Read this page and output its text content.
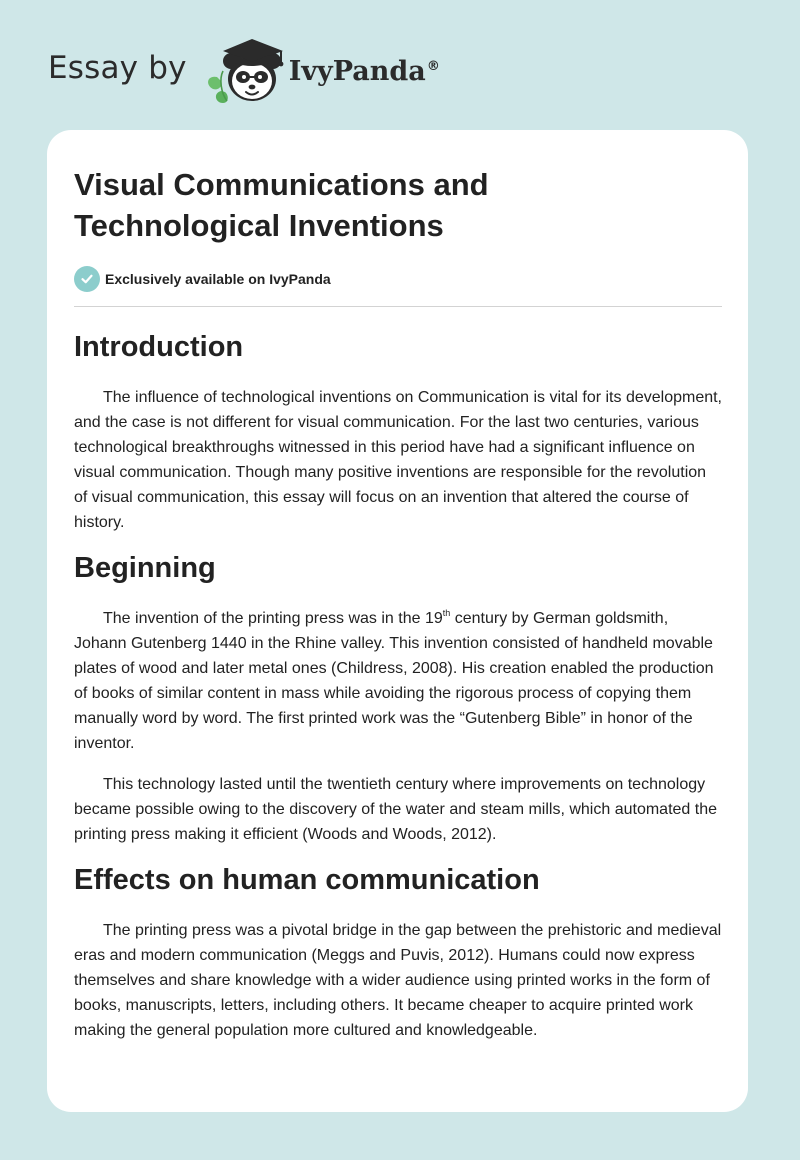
Essay by	IvyPanda®
Visual Communications and
Technological Inventions
Exclusively available on IvyPanda
Introduction

The influence of technological inventions on Communication is vital for its development, and the case is not different for visual communication. For the last two centuries, various technological breakthroughs witnessed in this period have had a significant influence on visual communication. Though many positive inventions are responsible for the revolution of visual communication, this essay will focus on an invention that altered the course of history.

Beginning

The invention of the printing press was in the 19th century by German goldsmith, Johann Gutenberg 1440 in the Rhine valley. This invention consisted of handheld movable plates of wood and later metal ones (Childress, 2008). His creation enabled the production of books of similar content in mass while avoiding the rigorous process of copying them manually word by word. The first printed work was the “Gutenberg Bible” in honor of the inventor.

This technology lasted until the twentieth century where improvements on technology became possible owing to the discovery of the water and steam mills, which automated the printing press making it efficient (Woods and Woods, 2012).

Effects on human communication

The printing press was a pivotal bridge in the gap between the prehistoric and medieval eras and modern communication (Meggs and Puvis, 2012). Humans could now express themselves and share knowledge with a wider audience using printed works in the form of books, manuscripts, letters, including others. It became cheaper to acquire printed work making the general population more cultured and knowledgeable.
